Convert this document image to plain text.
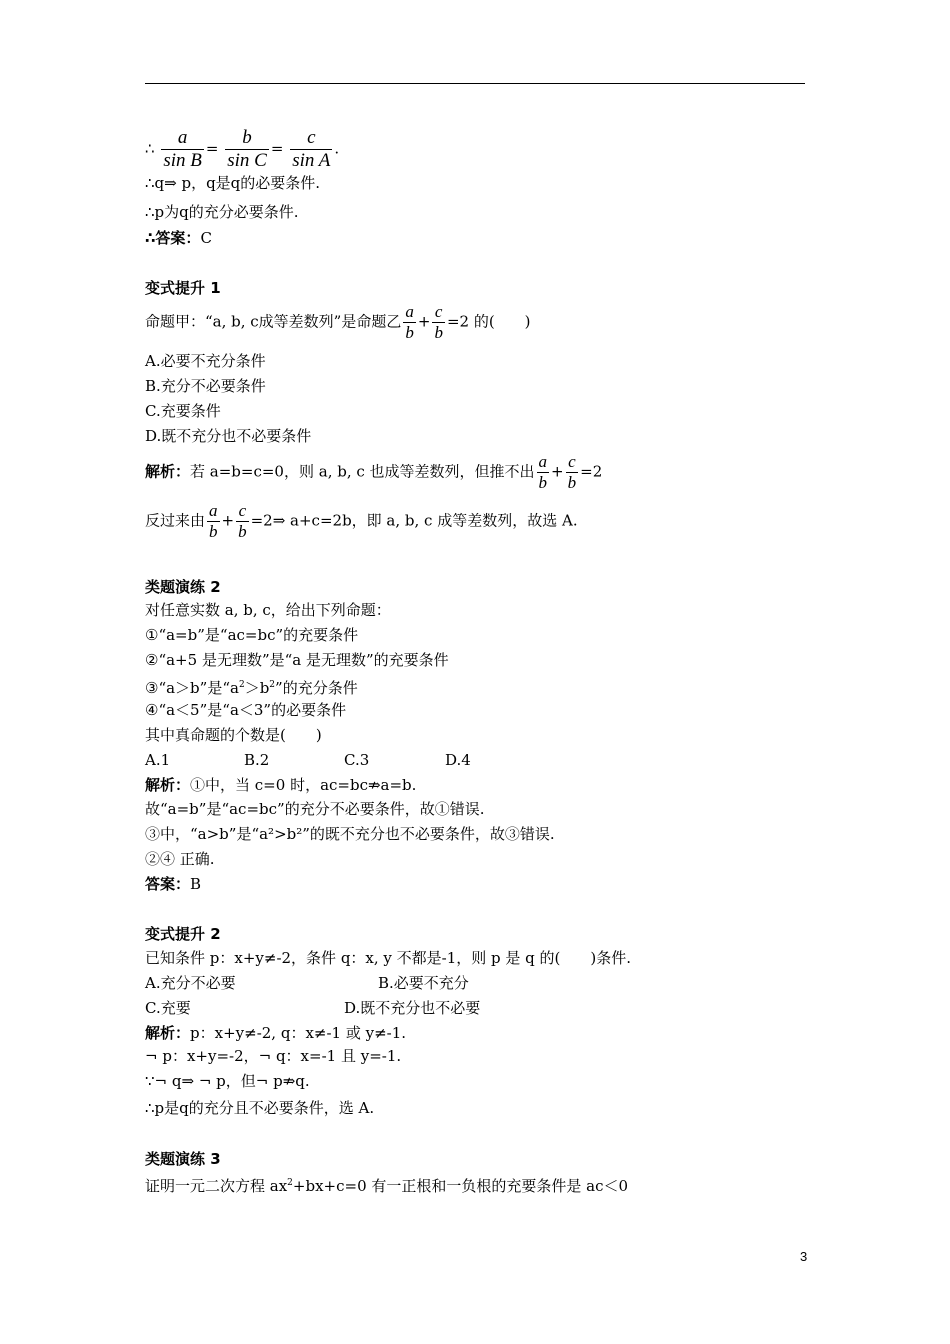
∴ $\frac{a}{\text{sin B}} = \frac{b}{\text{sin C}} = \frac{c}{\text{sin A}}$ .
∴q⇒ p，q是q的必要条件.
∴p为q的充分必要条件.
∴答案：C
变式提升 1
命题甲：“a, b, c成等差数列”是命题乙 $\frac{a}{b} + \frac{c}{b} =2$ 的(　　)
A.必要不充分条件
B.充分不必要条件
C.充要条件
D.既不充分也不必要条件
解析：若 a=b=c=0，则 a, b, c 也成等差数列，但推不出 $\frac{a}{b} + \frac{c}{b} =2$
反过来由 $\frac{a}{b} + \frac{c}{b}$ =2⇒ a+c=2b，即 a, b, c 成等差数列，故选 A.
类题演练 2
对任意实数 a, b, c，给出下列命题：
①“a=b”是“ac=bc”的充要条件
②“a+5 是无理数”是“a 是无理数”的充要条件
③“a＞b”是“$a^2>b^2$”的充分条件
④“a＜5”是“a＜3”的必要条件
其中真命题的个数是(　　)
A.1	B.2	C.3	D.4
解析：①中，当 c=0 时，ac=bc⇏a=b.
故“a=b”是“ac=bc”的充分不必要条件，故①错误.
③中，“a>b”是“a²>b²”的既不充分也不必要条件，故③错误.
②④ 正确.
答案：B
变式提升 2
已知条件 p：x+y≠-2，条件 q：x, y 不都是-1，则 p 是 q 的(　　)条件.
A.充分不必要	B.必要不充分
C.充要	D.既不充分也不必要
解析：p：x+y≠-2, q：x≠-1 或 y≠-1.
¬ p：x+y=-2，¬ q：x=-1 且 y=-1.
∵¬ q⇒ ¬ p，但¬ p⇏q.
∴p是q的充分且不必要条件，选 A.
类题演练 3
证明一元二次方程 $ax^2+bx+c=0$ 有一正根和一负根的充要条件是 ac＜0
3
